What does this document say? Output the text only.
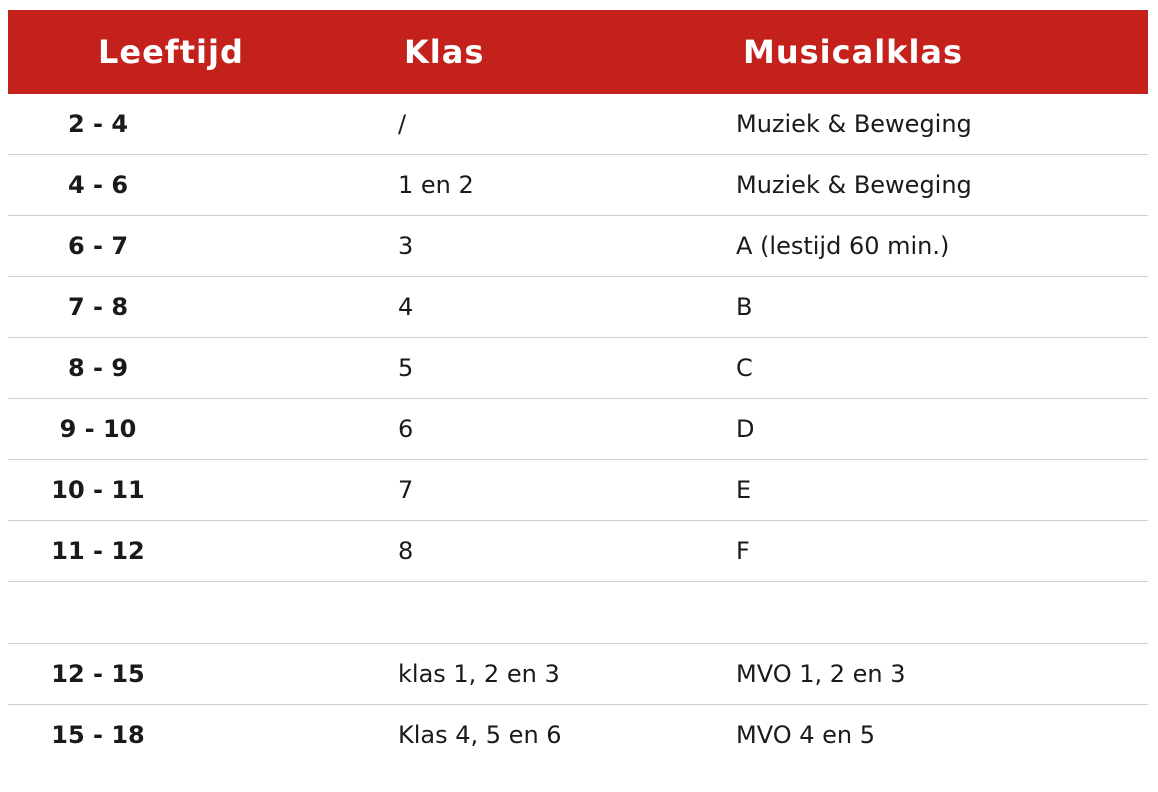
Leeftijd	Klas	Musicalklas
2 - 4	/	Muziek & Beweging
4 - 6	1 en 2	Muziek & Beweging
6 - 7	3	A (lestijd 60 min.)
7 - 8	4	B
8 - 9	5	C
9 - 10	6	D
10 - 11	7	E
11 - 12	8	F
12 - 15	klas 1, 2 en 3	MVO 1, 2 en 3
15 - 18	Klas 4, 5 en 6	MVO 4 en 5
